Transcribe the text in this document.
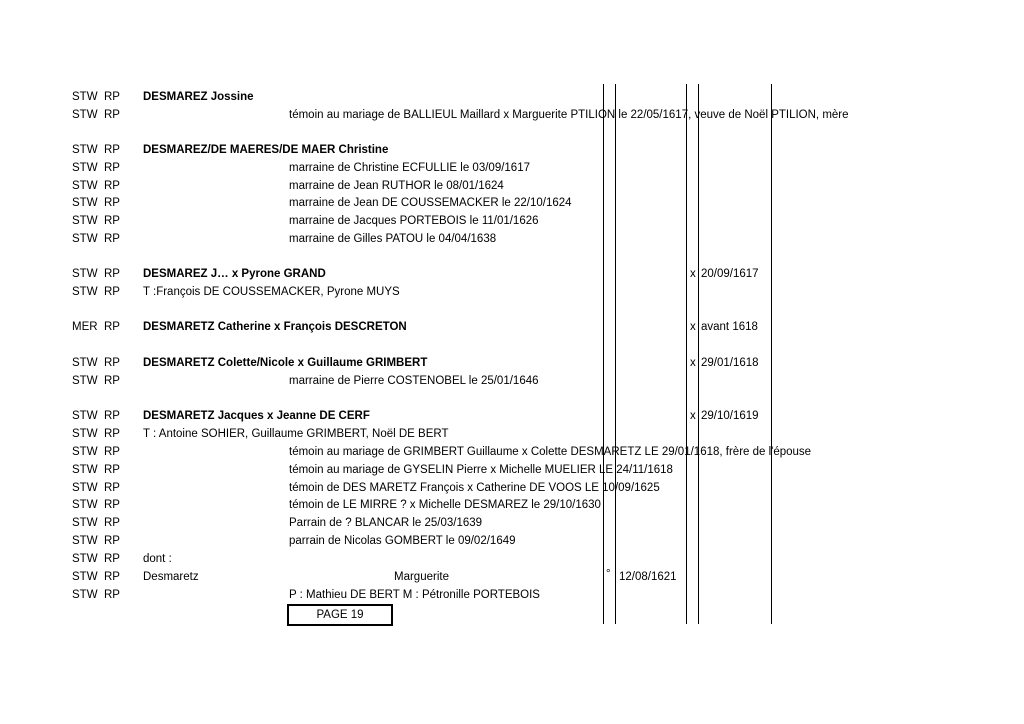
STW RP DESMAREZ Jossine
STW RP	témoin au mariage de BALLIEUL Maillard x Marguerite PTILION le 22/05/1617, veuve de Noël PTILION, mère
STW RP DESMAREZ/DE MAERES/DE MAER Christine
STW RP	marraine de Christine ECFULLIE le 03/09/1617
STW RP	marraine de Jean RUTHOR le 08/01/1624
STW RP	marraine de Jean DE COUSSEMACKER le 22/10/1624
STW RP	marraine de Jacques PORTEBOIS le 11/01/1626
STW RP	marraine de Gilles PATOU le 04/04/1638
STW RP DESMAREZ J… x Pyrone GRAND	x 20/09/1617
STW RP T :François DE COUSSEMACKER, Pyrone MUYS
MER RP DESMARETZ Catherine x François DESCRETON	x avant 1618
STW RP DESMARETZ Colette/Nicole x Guillaume GRIMBERT	x 29/01/1618
STW RP	marraine de Pierre COSTENOBEL le 25/01/1646
STW RP DESMARETZ Jacques x Jeanne DE CERF	x 29/10/1619
STW RP T : Antoine SOHIER, Guillaume GRIMBERT, Noël DE BERT
STW RP	témoin au mariage de GRIMBERT Guillaume x Colette DESMARETZ LE 29/01/1618, frère de l'épouse
STW RP	témoin au mariage de GYSELIN Pierre x Michelle MUELIER LE 24/11/1618
STW RP	témoin de DES MARETZ François x Catherine DE VOOS LE 10/09/1625
STW RP	témoin de LE MIRRE ? x Michelle DESMAREZ le 29/10/1630
STW RP	Parrain de ? BLANCAR le 25/03/1639
STW RP	parrain de Nicolas GOMBERT le 09/02/1649
STW RP dont :
STW RP Desmaretz	Marguerite	° 12/08/1621
STW RP	P : Mathieu DE BERT M : Pétronille PORTEBOIS
PAGE 19
